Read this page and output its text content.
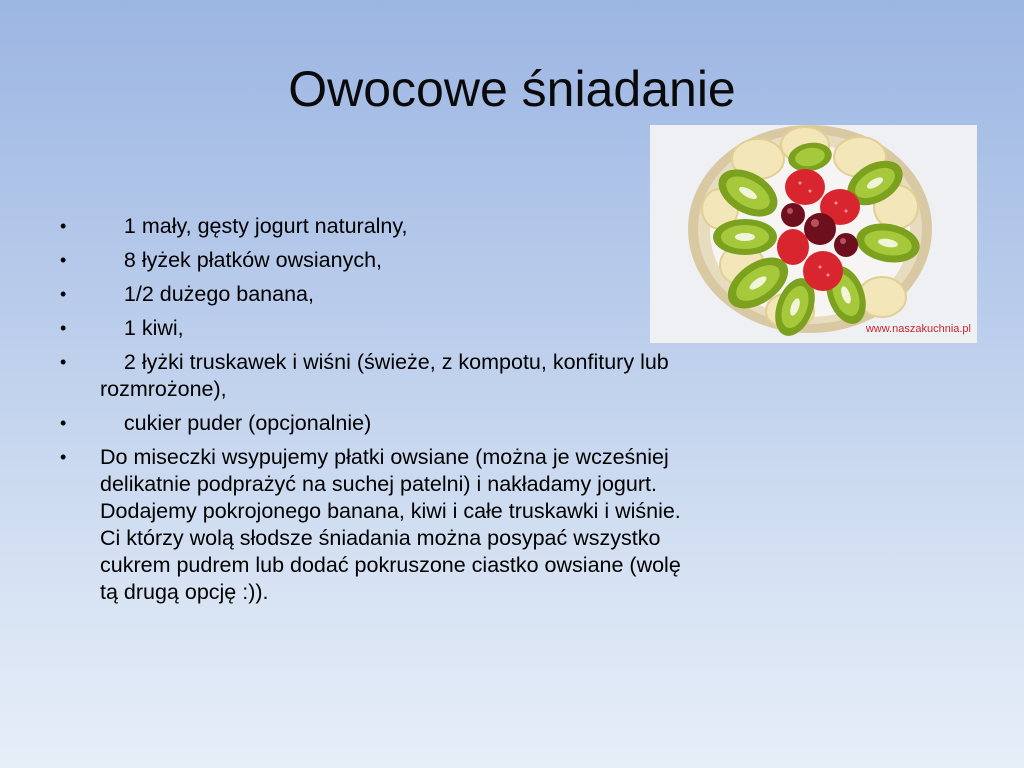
Owocowe śniadanie
www.naszakuchnia.pl
•	1 mały, gęsty jogurt naturalny,
•	8 łyżek płatków owsianych,
•	1/2 dużego banana,
•	1 kiwi,
•	2 łyżki truskawek i wiśni (świeże, z kompotu, konfitury lub rozmrożone),
•	cukier puder (opcjonalnie)
•	Do miseczki wsypujemy płatki owsiane (można je wcześniej delikatnie podprażyć na suchej patelni) i nakładamy jogurt. Dodajemy pokrojonego banana, kiwi i całe truskawki i wiśnie. Ci którzy wolą słodsze śniadania można posypać wszystko cukrem pudrem lub dodać pokruszone ciastko owsiane (wolę tą drugą opcję :)).
